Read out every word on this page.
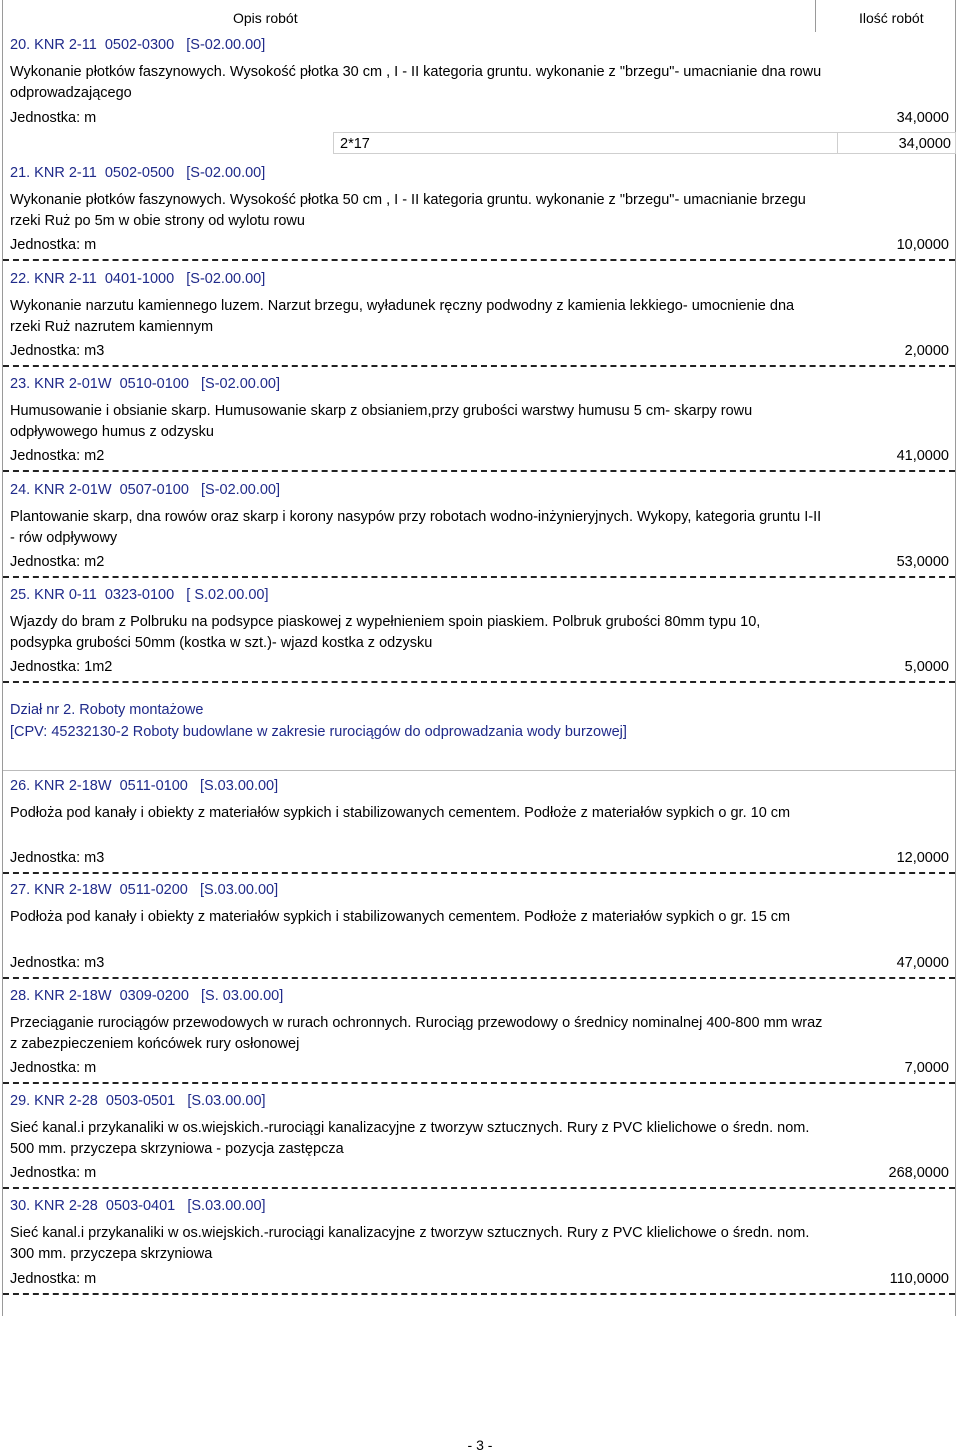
Opis robót	Ilość robót
20. KNR 2-11  0502-0300   [S-02.00.00]
Wykonanie płotków faszynowych. Wysokość płotka 30 cm , I - II kategoria gruntu. wykonanie z "brzegu"- umacnianie dna rowu odprowadzającego
Jednostka: m	34,0000
2*17	34,0000
21. KNR 2-11  0502-0500   [S-02.00.00]
Wykonanie płotków faszynowych. Wysokość płotka 50 cm , I - II kategoria gruntu. wykonanie z "brzegu"- umacnianie brzegu rzeki Ruż po 5m w obie strony od wylotu rowu
Jednostka: m	10,0000
22. KNR 2-11  0401-1000   [S-02.00.00]
Wykonanie narzutu kamiennego luzem. Narzut brzegu, wyładunek ręczny podwodny z kamienia lekkiego- umocnienie dna rzeki Ruż nazrutem kamiennym
Jednostka: m3	2,0000
23. KNR 2-01W  0510-0100   [S-02.00.00]
Humusowanie i obsianie skarp. Humusowanie skarp z obsianiem,przy grubości warstwy humusu 5 cm- skarpy rowu odpływowego humus z odzysku
Jednostka: m2	41,0000
24. KNR 2-01W  0507-0100   [S-02.00.00]
Plantowanie skarp, dna rowów oraz skarp i korony nasypów przy robotach wodno-inżynieryjnych. Wykopy, kategoria gruntu I-II - rów odpływowy
Jednostka: m2	53,0000
25. KNR 0-11  0323-0100   [ S.02.00.00]
Wjazdy do bram z Polbruku na podsypce piaskowej z wypełnieniem spoin piaskiem. Polbruk grubości 80mm typu 10, podsypka grubości 50mm (kostka w szt.)- wjazd kostka z odzysku
Jednostka: 1m2	5,0000
Dział nr 2. Roboty montażowe
[CPV: 45232130-2 Roboty budowlane w zakresie rurociągów do odprowadzania wody burzowej]
26. KNR 2-18W  0511-0100   [S.03.00.00]
Podłoża pod kanały i obiekty z materiałów sypkich i stabilizowanych cementem. Podłoże z materiałów sypkich o gr. 10 cm
Jednostka: m3	12,0000
27. KNR 2-18W  0511-0200   [S.03.00.00]
Podłoża pod kanały i obiekty z materiałów sypkich i stabilizowanych cementem. Podłoże z materiałów sypkich o gr. 15 cm
Jednostka: m3	47,0000
28. KNR 2-18W  0309-0200   [S. 03.00.00]
Przeciąganie rurociągów przewodowych w rurach ochronnych. Rurociąg przewodowy o średnicy nominalnej 400-800 mm wraz z zabezpieczeniem końcówek rury osłonowej
Jednostka: m	7,0000
29. KNR 2-28  0503-0501   [S.03.00.00]
Sieć kanal.i przykanaliki w os.wiejskich.-rurociągi kanalizacyjne z tworzyw sztucznych. Rury z PVC klielichowe o średn. nom. 500 mm. przyczepa skrzyniowa - pozycja zastępcza
Jednostka: m	268,0000
30. KNR 2-28  0503-0401   [S.03.00.00]
Sieć kanal.i przykanaliki w os.wiejskich.-rurociągi kanalizacyjne z tworzyw sztucznych. Rury z PVC klielichowe o średn. nom. 300 mm. przyczepa skrzyniowa
Jednostka: m	110,0000
- 3 -
